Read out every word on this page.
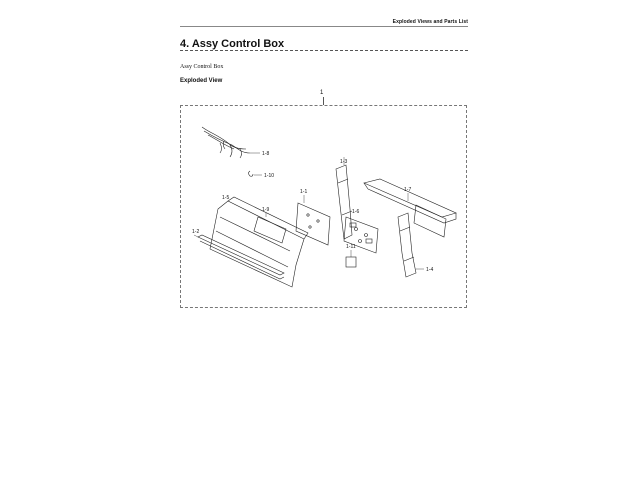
Exploded Views and Parts List
4. Assy Control Box
Assy Control Box
Exploded View
1
1-8
1-10
1-2
1-5
1-9
1-1
1-3
1-6
1-11
1-7
1-4
